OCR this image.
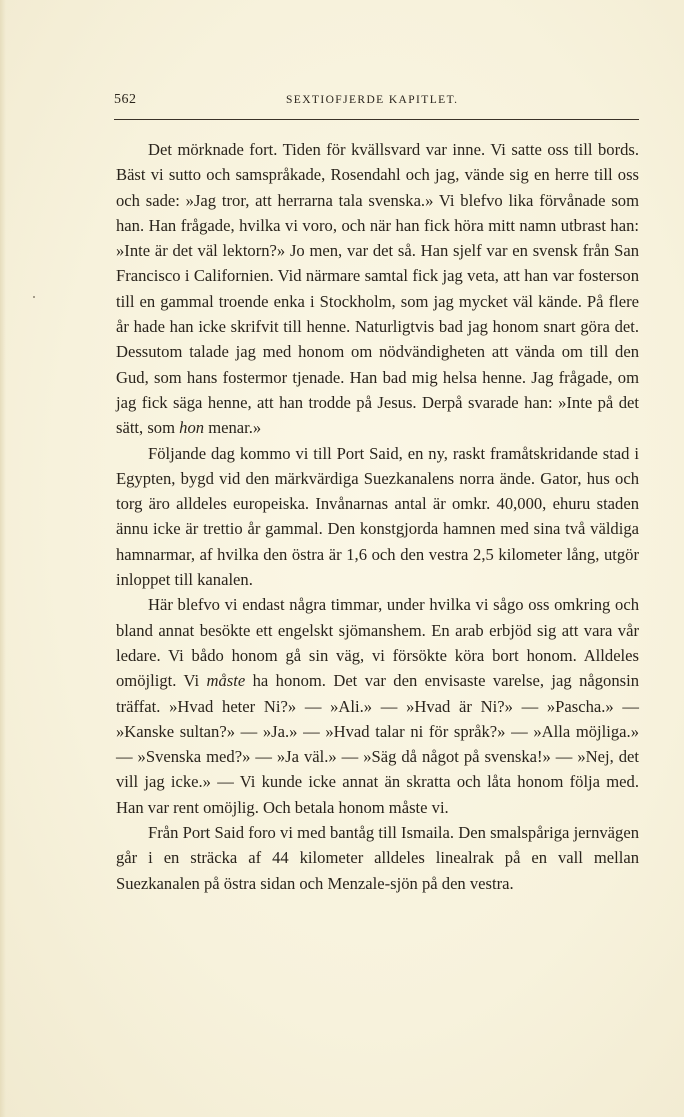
562	SEXTIOFJERDE KAPITLET.

Det mörknade fort. Tiden för kvällsvard var inne. Vi satte oss till bords. Bäst vi sutto och samspråkade, Rosendahl och jag, vände sig en herre till oss och sade: »Jag tror, att herrarna tala svenska.» Vi blefvo lika förvånade som han. Han frågade, hvilka vi voro, och när han fick höra mitt namn utbrast han: »Inte är det väl lektorn?» Jo men, var det så. Han sjelf var en svensk från San Francisco i Californien. Vid närmare samtal fick jag veta, att han var fosterson till en gammal troende enka i Stockholm, som jag mycket väl kände. På flere år hade han icke skrifvit till henne. Naturligtvis bad jag honom snart göra det. Dessutom talade jag med honom om nödvändigheten att vända om till den Gud, som hans fostermor tjenade. Han bad mig helsa henne. Jag frågade, om jag fick säga henne, att han trodde på Jesus. Derpå svarade han: »Inte på det sätt, som hon menar.»

Följande dag kommo vi till Port Said, en ny, raskt framåtskridande stad i Egypten, bygd vid den märkvärdiga Suezkanalens norra ände. Gator, hus och torg äro alldeles europeiska. Invånarnas antal är omkr. 40,000, ehuru staden ännu icke är trettio år gammal. Den konstgjorda hamnen med sina två väldiga hamnarmar, af hvilka den östra är 1,6 och den vestra 2,5 kilometer lång, utgör inloppet till kanalen.

Här blefvo vi endast några timmar, under hvilka vi sågo oss omkring och bland annat besökte ett engelskt sjömanshem. En arab erbjöd sig att vara vår ledare. Vi bådo honom gå sin väg, vi försökte köra bort honom. Alldeles omöjligt. Vi måste ha honom. Det var den envisaste varelse, jag någonsin träffat. »Hvad heter Ni?» — »Ali.» — »Hvad är Ni?» — »Pascha.» — »Kanske sultan?» — »Ja.» — »Hvad talar ni för språk?» — »Alla möjliga.» — »Svenska med?» — »Ja väl.» — »Säg då något på svenska!» — »Nej, det vill jag icke.» — Vi kunde icke annat än skratta och låta honom följa med. Han var rent omöjlig. Och betala honom måste vi.

Från Port Said foro vi med bantåg till Ismaila. Den smalspåriga jernvägen går i en sträcka af 44 kilometer alldeles linealrak på en vall mellan Suezkanalen på östra sidan och Menzale-sjön på den vestra.
